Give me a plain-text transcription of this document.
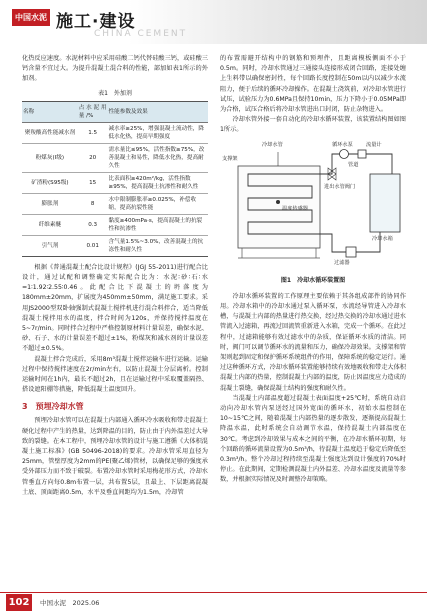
中国水泥 施工·建设
CHINA CEMENT

化热反应速度。水泥材料中应采用硅酸二钙代替硅酸三钙，或硅酸三钙含量不宜过大。为提升混凝土混合料的性能，部加如表1所示的外加剂。

表1　外加剂
名称	占水泥用量 /%	性能参数及效果
聚羧酸高性能减水剂	1.5	减水率≥25%，增强混凝土流动性，降低水化热，提高早期强度
粉煤灰(I级)	20	需水量比≤95%，活性指数≥75%，改善混凝土和易性，降低水化热，提高耐久性
矿渣粉(S95级)	15	比表面积≥420m²/kg，活性指数≥95%，提高混凝土抗渗性和耐久性
膨胀剂	8	水中限制膨胀率≥0.025%，补偿收缩，提高抗裂性能
纤维素醚	0.3	黏度≥400mPa·s，提高混凝土的抗裂性和抗渗性
引气剂	0.01	含气量1.5%~3.0%，改善混凝土的抗冻性和耐久性

根据《普通混凝土配合比设计规程》(JGJ 55-2011)进行配合比设计，通过试配和调整确定实际配合比为：水泥∶砂∶石∶水=1∶1.92∶2.55∶0.46。此配合比下混凝土的坍落度为180mm±20mm，扩展度为450mm±50mm，满足施工要求。采用JS2000型双卧轴强制式混凝土搅拌机进行混合料拌合，适当降低混凝土搅拌用水的温度，拌合时间为120s，并保持搅拌温度在5~7r/min。同时拌合过程中严格控制原材料计量误差，确保水泥、砂、石子、水的计量误差不超过±1%，粉煤灰和减水剂的计量误差不超过±0.5%。

混凝土拌合完成后，采用8m³混凝土搅拌运输车进行运输。运输过程中保持搅拌速度在2r/min左右，以防止混凝土分层离析。控制运输时间在1h内，最长不超过2h，且在运输过程中采取覆盖隔热、搭设遮阳棚等措施，降低混凝土温度回升。

3　预埋冷却水管

预埋冷却水管可以在混凝土内部通入循环冷水吸收和带走混凝土硬化过程中产生的热量，达到降温的目的，防止由于内外温差过大导致的裂缝。在本工程中，预埋冷却水管的设计与施工遵循《大体积混凝土施工标准》(GB 50496-2018)的要求。冷却水管采用直径为25mm，管壁厚度为2mm的PE(聚乙烯)管材，以确保足够的强度承受外部压力而不致于破裂。布置冷却水管时采用梅花形方式，冷却水管垂直方向每0.8m布置一层，共布置5层，且最上、下层距离混凝土底、顶面距离0.5m，水平及垂直间距均为1.5m，冷却管

的布置需避开结构中的钢筋和预埋件，且距离模板侧面不小于0.5m。同时，冷却水管通过三通接头连接形成闭合回路，连接处缠上生料带以确保密封性，每个回路长度控制在50m以内以减少水流阻力，便于后续的循环冷却操作。在混凝土浇筑前，对冷却水管进行试压，试验压力为0.6MPa且保持10min，压力下降小于0.05MPa即为合格，试压合格后将冷却水管进出口封闭，防止杂物进入。

冷却水管外接一套自动化的冷却水循环装置，该装置结构图如图1所示。

支撑架
冷却水管	循环水泵	流量计
冷却水箱
过滤器
温度传感器
进出水管阀门
管道
图1　冷却水循环装置图

冷却水循环装置的工作原理主要依赖于其各组成部件的协同作用。冷却水箱中的冷却水通过泵入循环泵，水流经导管进入冷却水槽，与混凝土内部的热量进行热交换，经过热交换的冷却水通过进水管流入过滤箱，再流过回流管重新进入水箱，完成一个循环。在此过程中，过滤箱能够有效过滤水中的杂质，保证循环水质的清洁。同时，阀门可以调节循环水的流量和压力，确保冷却效果。支撑架和管架则起到固定和保护循环系统组件的作用，保障系统的稳定运行。通过这种循环方式，冷却水循环装置能够持续有效地吸收和带走大体积混凝土内部的热量，控制混凝土内部的温度，防止因温度应力造成的混凝土裂缝，确保混凝土结构的强度和耐久性。

当混凝土内部温度超过混凝土表面温度+25℃时，系统自动启动向冷却水管内泵送经过国外宽面的循环水，初始水温控制在10~15℃之间，随着混凝土内部热量的逐步散发，逐渐提高混凝土降温水温，此时系统会自动调节水温，保持混凝土内部温度在30℃。考虑到冷却效果与成本之间的平衡，在冷却水循环初期，每个回路的循环流量设置为0.5m³/h，待混凝土温度趋于稳定后降低至0.3m³/h。整个冷却过程持续至混凝土强度达到设计强度的70%时停止。在此期间，定期检测混凝土内外温差、冷却水温度及流量等参数，并根据实际情况及时调整冷却策略。

102	中国水泥　2025.06
